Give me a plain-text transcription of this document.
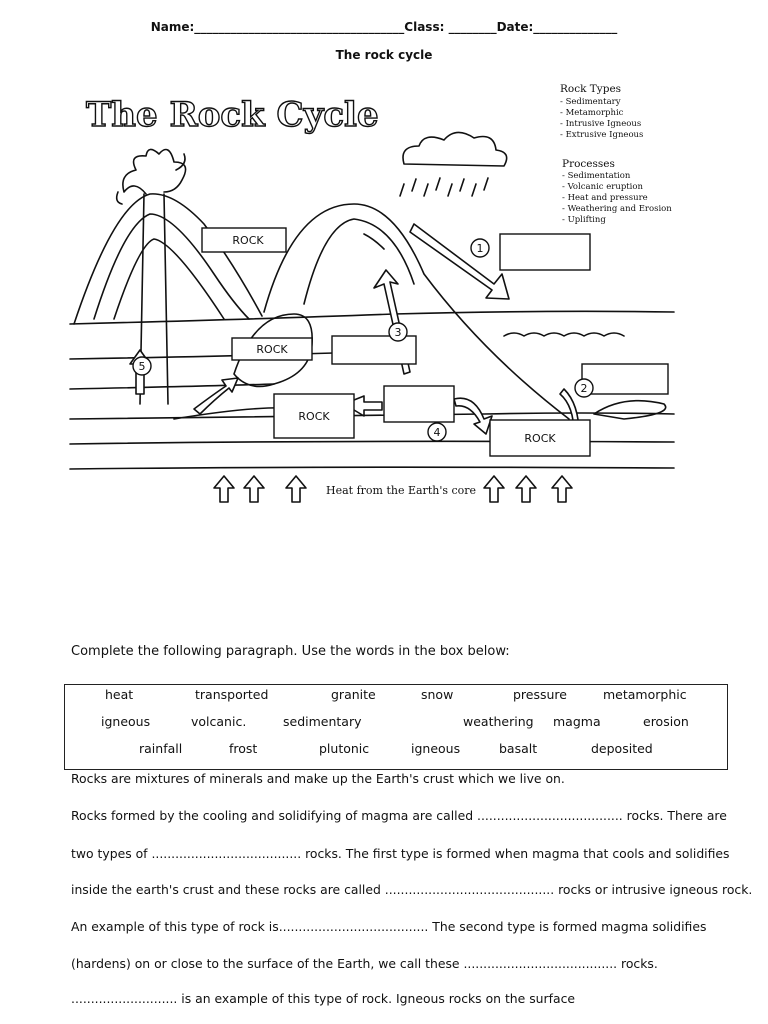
Name:___________________________________Class: ________Date:______________
The rock cycle
1
2
3
4
5
ROCK
ROCK
ROCK
ROCK
The Rock Cycle
Rock Types
- Sedimentary
- Metamorphic
- Intrusive Igneous
- Extrusive Igneous
Processes
- Sedimentation
- Volcanic eruption
- Heat and pressure
- Weathering and Erosion
- Uplifting
Heat from the Earth's core
Complete the following paragraph. Use the words in the box below:
heat	transported	granite	snow	pressure	metamorphic
igneous	volcanic.	sedimentary	weathering magma	erosion
rainfall	frost	plutonic	igneous	basalt	deposited
Rocks are mixtures of minerals and make up the Earth's crust which we live on.
Rocks formed by the cooling and solidifying of magma are called ..................................... rocks. There are
two types of ...................................... rocks. The first type is formed when magma that cools and solidifies
inside the earth's crust and these rocks are called ........................................... rocks or intrusive igneous rock.
An example of this type of rock is...................................... The second type is formed magma solidifies
(hardens) on or close to the surface of the Earth, we call these ....................................... rocks.
........................... is an example of this type of rock. Igneous rocks on the surface
